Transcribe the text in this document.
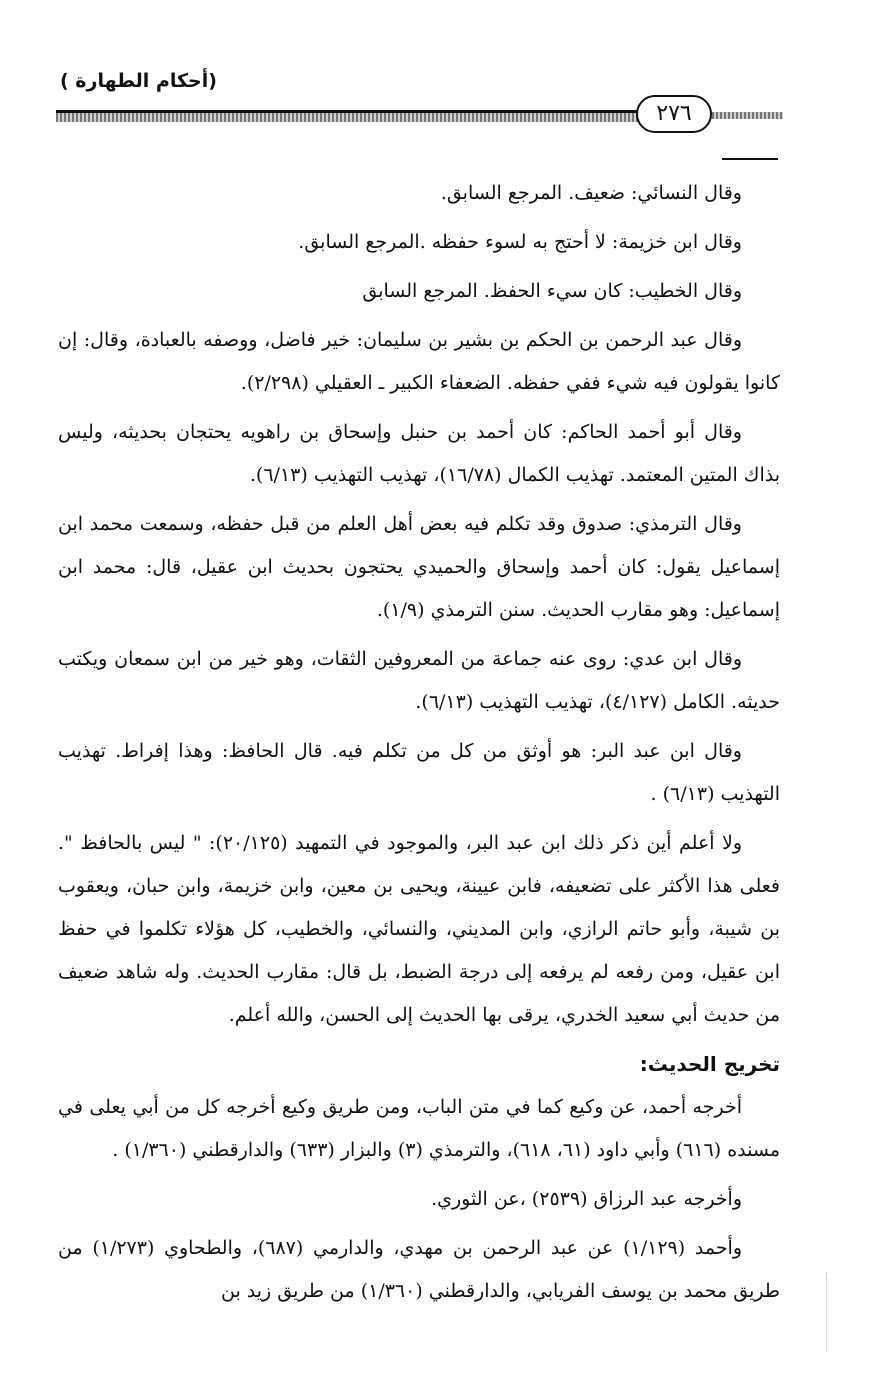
(أحكام الطهارة )
٢٧٦

وقال النسائي: ضعيف. المرجع السابق.

وقال ابن خزيمة: لا أحتج به لسوء حفظه .المرجع السابق.

وقال الخطيب: كان سيء الحفظ. المرجع السابق

وقال عبد الرحمن بن الحكم بن بشير بن سليمان: خير فاضل، ووصفه بالعبادة، وقال: إن كانوا يقولون فيه شيء ففي حفظه. الضعفاء الكبير ـ العقيلي (٢/٢٩٨).

وقال أبو أحمد الحاكم: كان أحمد بن حنبل وإسحاق بن راهويه يحتجان بحديثه، وليس بذاك المتين المعتمد. تهذيب الكمال (١٦/٧٨)، تهذيب التهذيب (٦/١٣).

وقال الترمذي: صدوق وقد تكلم فيه بعض أهل العلم من قبل حفظه، وسمعت محمد ابن إسماعيل يقول: كان أحمد وإسحاق والحميدي يحتجون بحديث ابن عقيل، قال: محمد ابن إسماعيل: وهو مقارب الحديث. سنن الترمذي (١/٩).

وقال ابن عدي: روى عنه جماعة من المعروفين الثقات، وهو خير من ابن سمعان ويكتب حديثه. الكامل (٤/١٢٧)، تهذيب التهذيب (٦/١٣).

وقال ابن عبد البر: هو أوثق من كل من تكلم فيه. قال الحافظ: وهذا إفراط. تهذيب التهذيب (٦/١٣) .

ولا أعلم أين ذكر ذلك ابن عبد البر، والموجود في التمهيد (٢٠/١٢٥): " ليس بالحافظ ". فعلى هذا الأكثر على تضعيفه، فابن عيينة، ويحيى بن معين، وابن خزيمة، وابن حبان، ويعقوب بن شيبة، وأبو حاتم الرازي، وابن المديني، والنسائي، والخطيب، كل هؤلاء تكلموا في حفظ ابن عقيل، ومن رفعه لم يرفعه إلى درجة الضبط، بل قال: مقارب الحديث. وله شاهد ضعيف من حديث أبي سعيد الخدري، يرقى بها الحديث إلى الحسن، والله أعلم.

تخريج الحديث:

أخرجه أحمد، عن وكيع كما في متن الباب، ومن طريق وكيع أخرجه كل من أبي يعلى في مسنده (٦١٦) وأبي داود (٦١، ٦١٨)، والترمذي (٣) والبزار (٦٣٣) والدارقطني (١/٣٦٠) .

وأخرجه عبد الرزاق (٢٥٣٩) ،عن الثوري.

وأحمد (١/١٢٩) عن عبد الرحمن بن مهدي، والدارمي (٦٨٧)، والطحاوي (١/٢٧٣) من طريق محمد بن يوسف الفريابي، والدارقطني (١/٣٦٠) من طريق زيد بن
